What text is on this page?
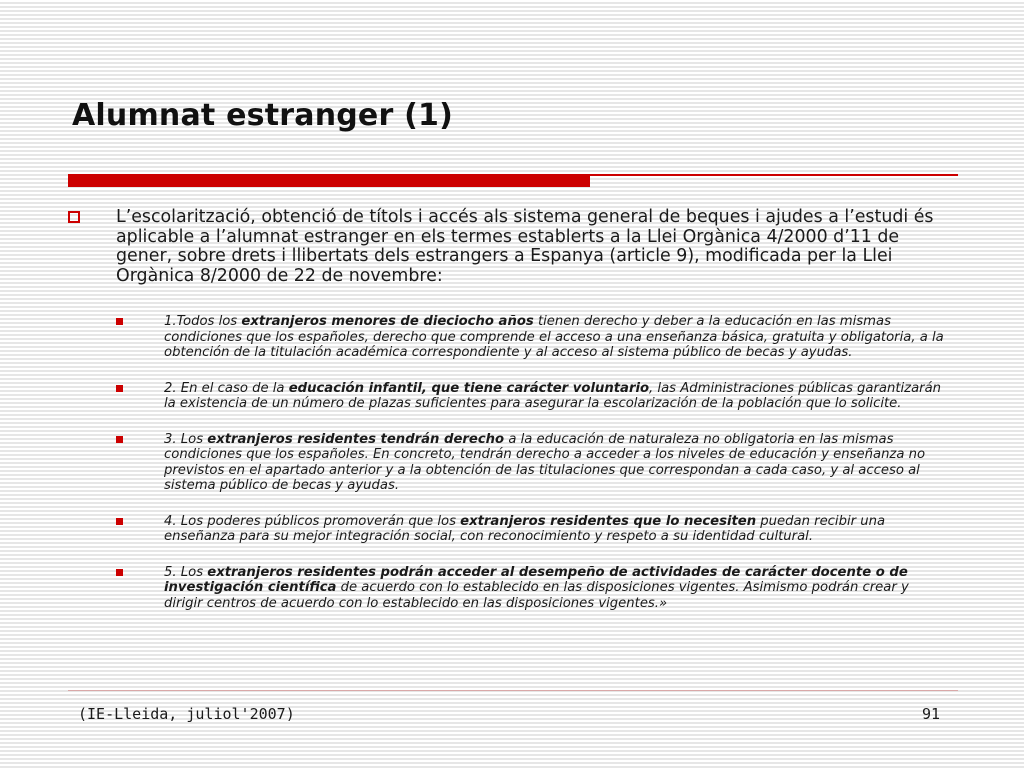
Alumnat estranger (1)
L’escolarització, obtenció de títols i accés als sistema general de beques i ajudes a l’estudi és aplicable a l’alumnat estranger en els termes establerts a la Llei Orgànica 4/2000 d’11 de gener, sobre drets i llibertats dels estrangers a Espanya (article 9), modificada per la Llei Orgànica 8/2000 de 22 de novembre:
1.Todos los extranjeros menores de dieciocho años tienen derecho y deber a la educación en las mismas condiciones que los españoles, derecho que comprende el acceso a una enseñanza básica, gratuita y obligatoria, a la obtención de la titulación académica correspondiente y al acceso al sistema público de becas y ayudas.
2. En el caso de la educación infantil, que tiene carácter voluntario, las Administraciones públicas garantizarán la existencia de un número de plazas suficientes para asegurar la escolarización de la población que lo solicite.
3. Los extranjeros residentes tendrán derecho a la educación de naturaleza no obligatoria en las mismas condiciones que los españoles. En concreto, tendrán derecho a acceder a los niveles de educación y enseñanza no previstos en el apartado anterior y a la obtención de las titulaciones que correspondan a cada caso, y al acceso al sistema público de becas y ayudas.
4. Los poderes públicos promoverán que los extranjeros residentes que lo necesiten puedan recibir una enseñanza para su mejor integración social, con reconocimiento y respeto a su identidad cultural.
5. Los extranjeros residentes podrán acceder al desempeño de actividades de carácter docente o de investigación científica de acuerdo con lo establecido en las disposiciones vigentes. Asimismo podrán crear y dirigir centros de acuerdo con lo establecido en las disposiciones vigentes.»
(IE-Lleida, juliol'2007)	91
